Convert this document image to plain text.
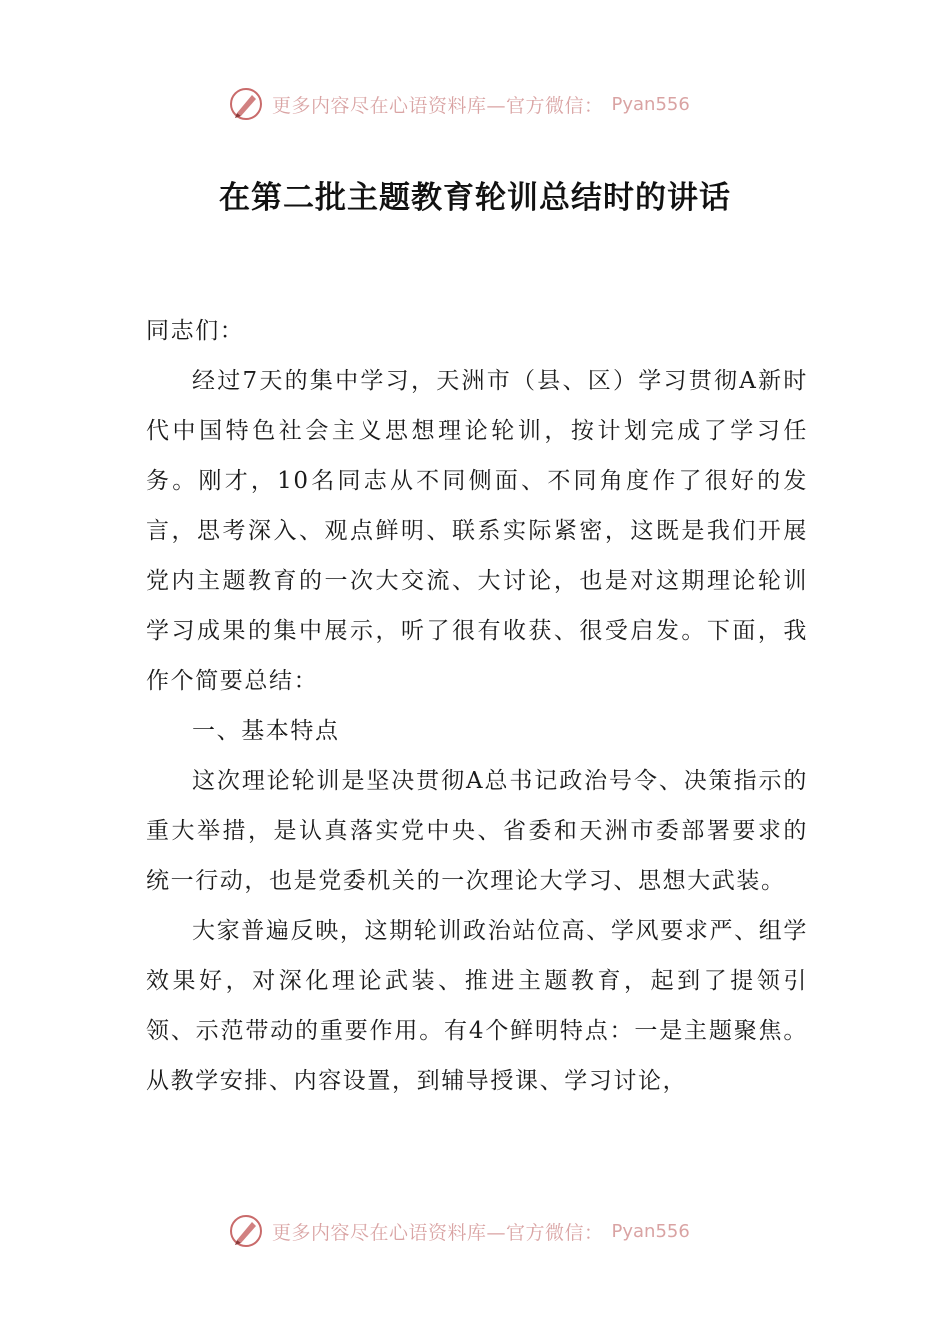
更多内容尽在心语资料库—官方微信： Pyan556
在第二批主题教育轮训总结时的讲话

同志们：

经过7天的集中学习，天洲市（县、区）学习贯彻A新时代中国特色社会主义思想理论轮训，按计划完成了学习任务。刚才，10名同志从不同侧面、不同角度作了很好的发言，思考深入、观点鲜明、联系实际紧密，这既是我们开展党内主题教育的一次大交流、大讨论，也是对这期理论轮训学习成果的集中展示，听了很有收获、很受启发。下面，我作个简要总结：

一、基本特点

这次理论轮训是坚决贯彻A总书记政治号令、决策指示的重大举措，是认真落实党中央、省委和天洲市委部署要求的统一行动，也是党委机关的一次理论大学习、思想大武装。

大家普遍反映，这期轮训政治站位高、学风要求严、组学效果好，对深化理论武装、推进主题教育，起到了提领引领、示范带动的重要作用。有4个鲜明特点：一是主题聚焦。从教学安排、内容设置，到辅导授课、学习讨论，

更多内容尽在心语资料库—官方微信： Pyan556
